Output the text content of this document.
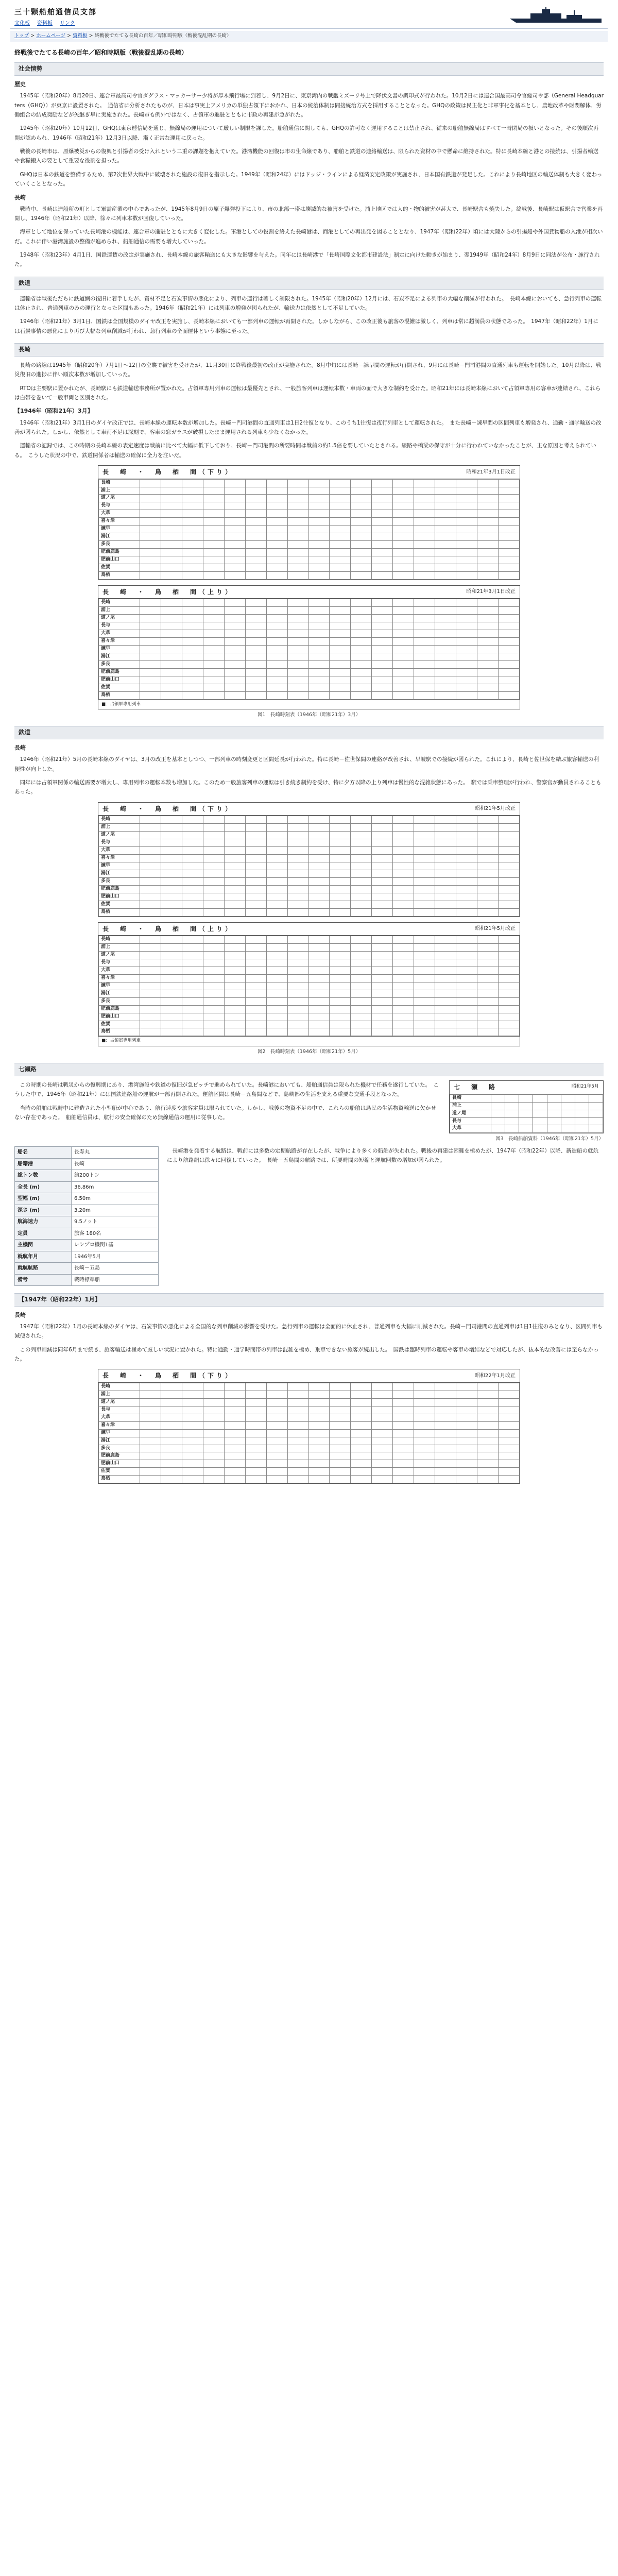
三十颗船舶通信员支部
文化板 资料板 リンク
トップ > ホームページ > 資料板 > 終戦後でたてる長崎の百年／昭和時期版（戦後混乱期の長崎）
終戦後でたてる長崎の百年／昭和時期版（戦後混乱期の長崎）
社会情勢
歴史

1945年（昭和20年）8月20日、連合軍最高司令官ダグラス・マッカーサー少将が厚木飛行場に到着し、9月2日に、東京湾内の戦艦ミズーリ号上で降伏文書の調印式が行われた。10月2日には連合国最高司令官総司令部（General Headquarters（GHQ））が東京に設置された。　通信省に分析されたものが、日本は事実上アメリカの単独占領下におかれ、日本の統治体制は間接統治方式を採用することとなった。GHQの政策は民主化と非軍事化を基本とし、農地改革や財閥解体、労働組合の結成奨励などが矢継ぎ早に実施された。長崎市も例外ではなく、占領軍の進駐とともに市政の再建が急がれた。

1945年（昭和20年）10月12日、GHQは東京逓信局を通じ、無線局の運用について厳しい制限を課した。船舶通信に関しても、GHQの許可なく運用することは禁止され、従来の船舶無線局はすべて一時閉局の扱いとなった。その後順次再開が認められ、1946年（昭和21年）12月3日以降、漸く正常な運用に戻った。

戦後の長崎市は、原爆被災からの復興と引揚者の受け入れという二重の課題を抱えていた。港湾機能の回復は市の生命線であり、船舶と鉄道の連絡輸送は、限られた資材の中で懸命に維持された。特に長崎本線と港との接続は、引揚者輸送や食糧搬入の要として重要な役割を担った。

GHQは日本の鉄道を整備するため、第2次世界大戦中に破壊された施設の復旧を指示した。1949年（昭和24年）にはドッジ・ラインによる経済安定政策が実施され、日本国有鉄道が発足した。これにより長崎地区の輸送体制も大きく変わっていくこととなった。

長崎

戦時中、長崎は造船所の町として軍需産業の中心であったが、1945年8月9日の原子爆弾投下により、市の北部一帯は壊滅的な被害を受けた。浦上地区では人的・物的被害が甚大で、長崎駅舎も焼失した。終戦後、長崎駅は仮駅舎で営業を再開し、1946年（昭和21年）以降、徐々に列車本数が回復していった。

海軍として地位を保っていた長崎港の機能は、連合軍の進駐とともに大きく変化した。軍港としての役割を終えた長崎港は、商港としての再出発を図ることとなり、1947年（昭和22年）頃には大陸からの引揚船や外国貨物船の入港が相次いだ。これに伴い港湾施設の整備が進められ、船舶通信の需要も増大していった。

1948年（昭和23年）4月1日、国鉄運賃の改定が実施され、長崎本線の旅客輸送にも大きな影響を与えた。同年には長崎港で「長崎国際文化都市建設法」制定に向けた動きが始まり、翌1949年（昭和24年）8月9日に同法が公布・施行された。

鉄道

運輸省は戦後ただちに鉄道網の復旧に着手したが、資材不足と石炭事情の悪化により、列車の運行は著しく制限された。1945年（昭和20年）12月には、石炭不足による列車の大幅な削減が行われた。　長崎本線においても、急行列車の運転は休止され、普通列車のみの運行となった区間もあった。1946年（昭和21年）には列車の増発が図られたが、輸送力は依然として不足していた。

1946年（昭和21年）3月1日、国鉄は全国規模のダイヤ改正を実施し、長崎本線においても一部列車の運転が再開された。しかしながら、この改正後も旅客の混雑は激しく、列車は常に超満員の状態であった。　1947年（昭和22年）1月には石炭事情の悪化により再び大幅な列車削減が行われ、急行列車の全面運休という事態に至った。

長崎

長崎の路線は1945年（昭和20年）7月1日～12日の空襲で被害を受けたが、11月30日に終戦後最初の改正が実施された。8月中旬には長崎－諫早間の運転が再開され、9月には長崎－門司港間の直通列車も運転を開始した。10月以降は、戦災復旧の進捗に伴い順次本数が増加していった。

RTOは主要駅に置かれたが、長崎駅にも鉄道輸送事務所が置かれた。占領軍専用列車の運転は最優先とされ、一般旅客列車は運転本数・車両の面で大きな制約を受けた。昭和21年には長崎本線において占領軍専用の客車が連結され、これらは白帯を巻いて一般車両と区別された。

【1946年（昭和21年）3月】

1946年（昭和21年）3月1日のダイヤ改正では、長崎本線の運転本数が増加した。長崎－門司港間の直通列車は1日2往復となり、このうち1往復は夜行列車として運転された。　また長崎－諫早間の区間列車も増発され、通勤・通学輸送の改善が図られた。しかし、依然として車両不足は深刻で、客車の窓ガラスが破損したまま運用される列車も少なくなかった。

運輸省の記録では、この時期の長崎本線の表定速度は戦前に比べて大幅に低下しており、長崎－門司港間の所要時間は戦前の約1.5倍を要していたとされる。線路や橋梁の保守が十分に行われていなかったことが、主な原因と考えられている。　こうした状況の中で、鉄道関係者は輸送の確保に全力を注いだ。

長　崎　・　鳥　栖　間（下り）	昭和21年3月1日改正
長崎																		
浦上																		
道ノ尾																		
長与																		
大草																		
喜々津																		
諫早																		
湯江																		
多良																		
肥前鹿島																		
肥前山口																		
佐賀																		
鳥栖																		
長　崎　・　鳥　栖　間（上り）	昭和21年3月1日改正
長崎																		
浦上																		
道ノ尾																		
長与																		
大草																		
喜々津																		
諫早																		
湯江																		
多良																		
肥前鹿島																		
肥前山口																		
佐賀																		
鳥栖																		
■：占領軍専用列車
図1　長崎時刻表（1946年（昭和21年）3月）
鉄道
長崎

1946年（昭和21年）5月の長崎本線のダイヤは、3月の改正を基本としつつ、一部列車の時刻変更と区間延長が行われた。特に長崎－佐世保間の連絡が改善され、早岐駅での接続が図られた。これにより、長崎と佐世保を結ぶ旅客輸送の利便性が向上した。

同年には占領軍関係の輸送需要が増大し、専用列車の運転本数も増加した。このため一般旅客列車の運転は引き続き制約を受け、特に夕方以降の上り列車は慢性的な混雑状態にあった。　駅では乗車整理が行われ、警察官が動員されることもあった。

長　崎　・　鳥　栖　間（下り）	昭和21年5月改正
長崎																		
浦上																		
道ノ尾																		
長与																		
大草																		
喜々津																		
諫早																		
湯江																		
多良																		
肥前鹿島																		
肥前山口																		
佐賀																		
鳥栖																		
長　崎　・　鳥　栖　間（上り）	昭和21年5月改正
長崎																		
浦上																		
道ノ尾																		
長与																		
大草																		
喜々津																		
諫早																		
湯江																		
多良																		
肥前鹿島																		
肥前山口																		
佐賀																		
鳥栖																		
■：占領軍専用列車
図2　長崎時刻表（1946年（昭和21年）5月）
七瀬路

この時期の長崎は戦災からの復興期にあり、港湾施設や鉄道の復旧が急ピッチで進められていた。長崎港においても、船舶通信員は限られた機材で任務を遂行していた。　こうした中で、1946年（昭和21年）には国鉄連絡船の運航が一部再開された。運航区間は長崎－五島間などで、島嶼部の生活を支える重要な交通手段となった。

当時の船舶は戦時中に建造された小型船が中心であり、航行速度や旅客定員は限られていた。しかし、戦後の物資不足の中で、これらの船舶は島民の生活物資輸送に欠かせない存在であった。　船舶通信員は、航行の安全確保のため無線通信の運用に従事した。

七　瀬　路	昭和21年5月
長崎								
浦上								
道ノ尾								
長与								
大草								
図3　長崎船舶資料（1946年（昭和21年）5月）
船名	長寿丸
船籍港	長崎
総トン数	約200トン
全長 (m)	36.86m
型幅 (m)	6.50m
深さ (m)	3.20m
航海速力	9.5ノット
定員	旅客 180名
主機関	レシプロ機関1基
就航年月	1946年5月
就航航路	長崎－五島
備考	戦時標準船

長崎港を発着する航路は、戦前には多数の定期航路が存在したが、戦争により多くの船舶が失われた。戦後の再建は困難を極めたが、1947年（昭和22年）以降、新造船の就航により航路網は徐々に回復していった。　長崎－五島間の航路では、所要時間の短縮と運航回数の増加が図られた。

【1947年（昭和22年）1月】
長崎

1947年（昭和22年）1月の長崎本線のダイヤは、石炭事情の悪化による全国的な列車削減の影響を受けた。急行列車の運転は全面的に休止され、普通列車も大幅に削減された。長崎－門司港間の直通列車は1日1往復のみとなり、区間列車も減便された。

この列車削減は同年6月まで続き、旅客輸送は極めて厳しい状況に置かれた。特に通勤・通学時間帯の列車は混雑を極め、乗車できない旅客が続出した。　国鉄は臨時列車の運転や客車の増結などで対応したが、抜本的な改善には至らなかった。

長　崎　・　鳥　栖　間（下り）	昭和22年1月改正
長崎																		
浦上																		
道ノ尾																		
長与																		
大草																		
喜々津																		
諫早																		
湯江																		
多良																		
肥前鹿島																		
肥前山口																		
佐賀																		
鳥栖																		
